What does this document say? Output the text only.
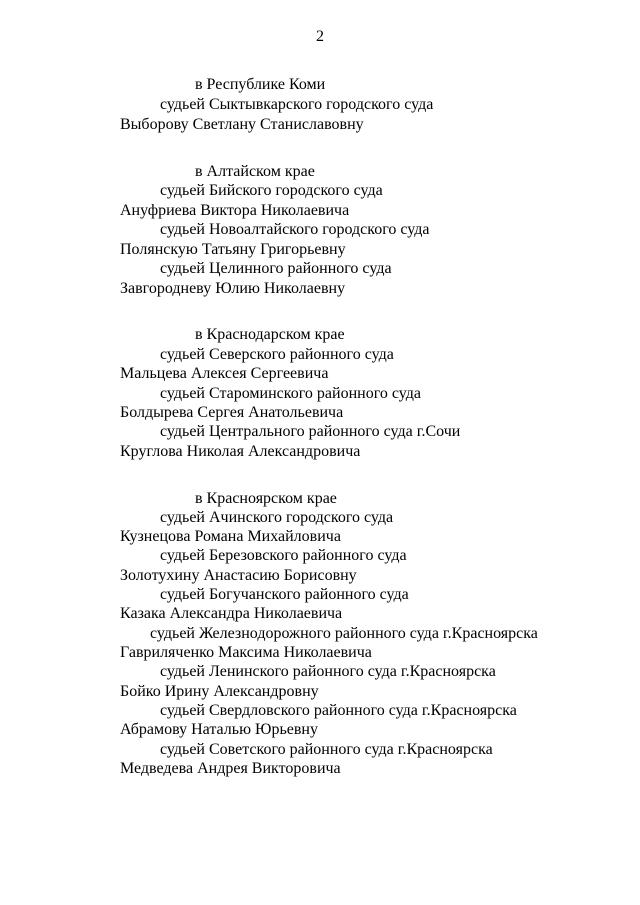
2
в Республике Коми
судьей Сыктывкарского городского суда
Выборову Светлану Станиславовну
в Алтайском крае
судьей Бийского городского суда
Ануфриева Виктора Николаевича
судьей Новоалтайского городского суда
Полянскую Татьяну Григорьевну
судьей Целинного районного суда
Завгородневу Юлию Николаевну
в Краснодарском крае
судьей Северского районного суда
Мальцева Алексея Сергеевича
судьей Староминского районного суда
Болдырева Сергея Анатольевича
судьей Центрального районного суда г.Сочи
Круглова Николая Александровича
в Красноярском крае
судьей Ачинского городского суда
Кузнецова Романа Михайловича
судьей Березовского районного суда
Золотухину Анастасию Борисовну
судьей Богучанского районного суда
Казака Александра Николаевича
судьей Железнодорожного районного суда г.Красноярска
Гавриляченко Максима Николаевича
судьей Ленинского районного суда г.Красноярска
Бойко Ирину Александровну
судьей Свердловского районного суда г.Красноярска
Абрамову Наталью Юрьевну
судьей Советского районного суда г.Красноярска
Медведева Андрея Викторовича
